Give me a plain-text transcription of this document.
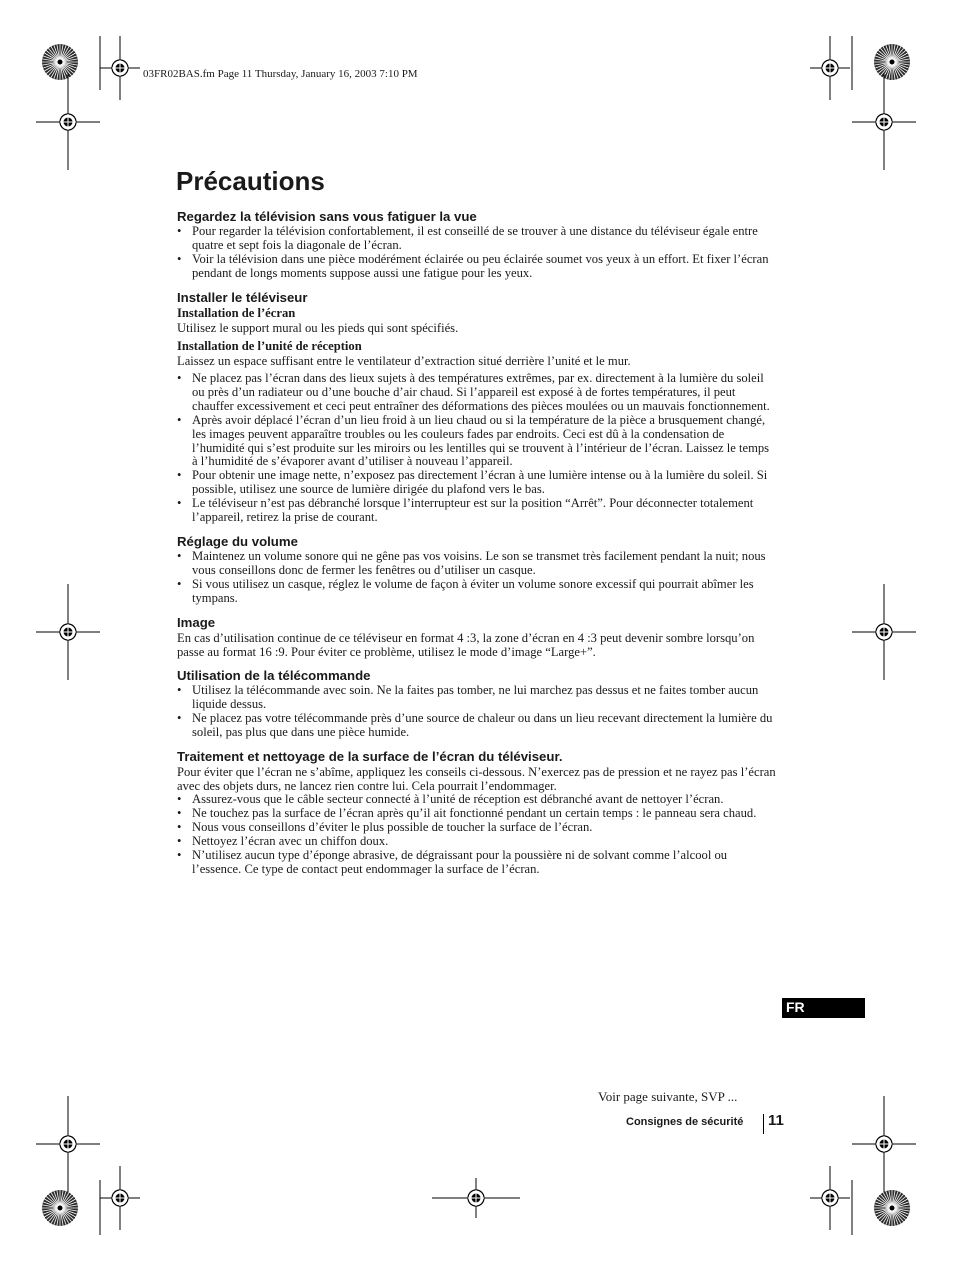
03FR02BAS.fm Page 11 Thursday, January 16, 2003 7:10 PM
Précautions
Regardez la télévision sans vous fatiguer la vue
• Pour regarder la télévision confortablement, il est conseillé de se trouver à une distance du téléviseur égale entre quatre et sept fois la diagonale de l’écran.
• Voir la télévision dans une pièce modérément éclairée ou peu éclairée soumet vos yeux à un effort. Et fixer l’écran pendant de longs moments suppose aussi une fatigue pour les yeux.
Installer le téléviseur
Installation de l’écran

Utilisez le support mural ou les pieds qui sont spécifiés.

Installation de l’unité de réception

Laissez un espace suffisant entre le ventilateur d’extraction situé derrière l’unité et le mur.

• Ne placez pas l’écran dans des lieux sujets à des températures extrêmes, par ex. directement à la lumière du soleil ou près d’un radiateur ou d’une bouche d’air chaud. Si l’appareil est exposé à de fortes températures, il peut chauffer excessivement et ceci peut entraîner des déformations des pièces moulées ou un mauvais fonctionnement.
• Après avoir déplacé l’écran d’un lieu froid à un lieu chaud ou si la température de la pièce a brusquement changé, les images peuvent apparaître troubles ou les couleurs fades par endroits. Ceci est dû à la condensation de l’humidité qui s’est produite sur les miroirs ou les lentilles qui se trouvent à l’intérieur de l’écran. Laissez le temps à l’humidité de s’évaporer avant d’utiliser à nouveau l’appareil.
• Pour obtenir une image nette, n’exposez pas directement l’écran à une lumière intense ou à la lumière du soleil. Si possible, utilisez une source de lumière dirigée du plafond vers le bas.
• Le téléviseur n’est pas débranché lorsque l’interrupteur est sur la position “Arrêt”. Pour déconnecter totalement l’appareil, retirez la prise de courant.
Réglage du volume
• Maintenez un volume sonore qui ne gêne pas vos voisins. Le son se transmet très facilement pendant la nuit; nous vous conseillons donc de fermer les fenêtres ou d’utiliser un casque.
• Si vous utilisez un casque, réglez le volume de façon à éviter un volume sonore excessif qui pourrait abîmer les tympans.
Image

En cas d’utilisation continue de ce téléviseur en format 4 :3, la zone d’écran en 4 :3 peut devenir sombre lorsqu’on passe au format 16 :9. Pour éviter ce problème, utilisez le mode d’image “Large+”.

Utilisation de la télécommande
• Utilisez la télécommande avec soin. Ne la faites pas tomber, ne lui marchez pas dessus et ne faites tomber aucun liquide dessus.
• Ne placez pas votre télécommande près d’une source de chaleur ou dans un lieu recevant directement la lumière du soleil, pas plus que dans une pièce humide.
Traitement et nettoyage de la surface de l’écran du téléviseur.

Pour éviter que l’écran ne s’abîme, appliquez les conseils ci-dessous. N’exercez pas de pression et ne rayez pas l’écran avec des objets durs, ne lancez rien contre lui. Cela pourrait l’endommager.

• Assurez-vous que le câble secteur connecté à l’unité de réception est débranché avant de nettoyer l’écran.
• Ne touchez pas la surface de l’écran après qu’il ait fonctionné pendant un certain temps : le panneau sera chaud.
• Nous vous conseillons d’éviter le plus possible de toucher la surface de l’écran.
• Nettoyez l’écran avec un chiffon doux.
• N’utilisez aucun type d’éponge abrasive, de dégraissant pour la poussière ni de solvant comme l’alcool ou l’essence. Ce type de contact peut endommager la surface de l’écran.
FR
Voir page suivante, SVP ...
Consignes de sécurité 11
